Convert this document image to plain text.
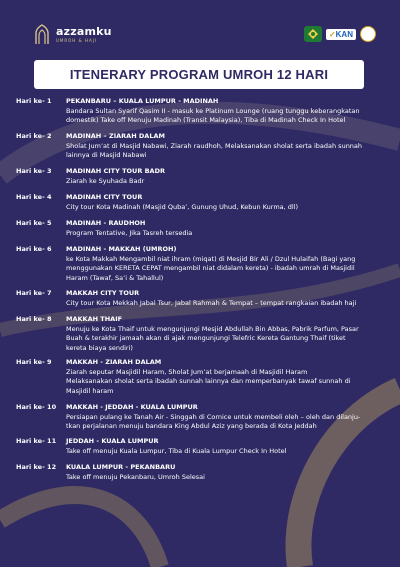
azzamku
UMROH & HAJI
✓KAN
ITENERARY PROGRAM UMROH 12 HARI
Hari ke- 1	PEKANBARU – KUALA LUMPUR - MADINAH
Bandara Sultan Syarif Qasim II - masuk ke Platinum Lounge (ruang tunggu keberangkatan
domestik) Take off Menuju Madinah (Transit Malaysia), Tiba di Madinah Check In Hotel
Hari ke- 2	MADINAH – ZIARAH DALAM
Sholat Jum’at di Masjid Nabawi, Ziarah raudhoh, Melaksanakan sholat serta ibadah sunnah
lainnya di Masjid Nabawi
Hari ke- 3	MADINAH CITY TOUR BADR
Ziarah ke Syuhada Badr
Hari ke- 4	MADINAH CITY TOUR
City tour Kota Madinah (Masjid Quba’, Gunung Uhud, Kebun Kurma, dll)
Hari ke- 5	MADINAH - RAUDHOH
Program Tentative, Jika Tasreh tersedia
Hari ke- 6	MADINAH - MAKKAH (UMROH)
ke Kota Makkah Mengambil niat ihram (miqat) di Mesjid Bir Ali / Dzul Hulaifah (Bagi yang
menggunakan KERETA CEPAT mengambil niat didalam kereta) - ibadah umrah di Masjidil
Haram (Tawaf, Sa’i & Tahallul)
Hari ke- 7	MAKKAH CITY TOUR
City tour Kota Mekkah Jabal Tsur, Jabal Rahmah & Tempat – tempat rangkaian ibadah haji
Hari ke- 8	MAKKAH THAIF
Menuju ke Kota Thaif untuk mengunjungi Mesjid Abdullah Bin Abbas, Pabrik Parfum, Pasar
Buah & terakhir jamaah akan di ajak mengunjungi Telefric Kereta Gantung Thaif (tiket
kereta biaya sendiri)
Hari ke- 9	MAKKAH - ZIARAH DALAM
Ziarah seputar Masjidil Haram, Sholat Jum’at berjamaah di Masjidil Haram
Melaksanakan sholat serta ibadah sunnah lainnya dan memperbanyak tawaf sunnah di
Masjidil haram
Hari ke- 10	MAKKAH - JEDDAH - KUALA LUMPUR
Persiapan pulang ke Tanah Air - Singgah di Cornice untuk membeli oleh – oleh dan dilanju-
tkan perjalanan menuju bandara King Abdul Aziz yang berada di Kota Jeddah
Hari ke- 11	JEDDAH - KUALA LUMPUR
Take off menuju Kuala Lumpur, Tiba di Kuala Lumpur Check In Hotel
Hari ke- 12	KUALA LUMPUR - PEKANBARU
Take off menuju Pekanbaru, Umroh Selesai
